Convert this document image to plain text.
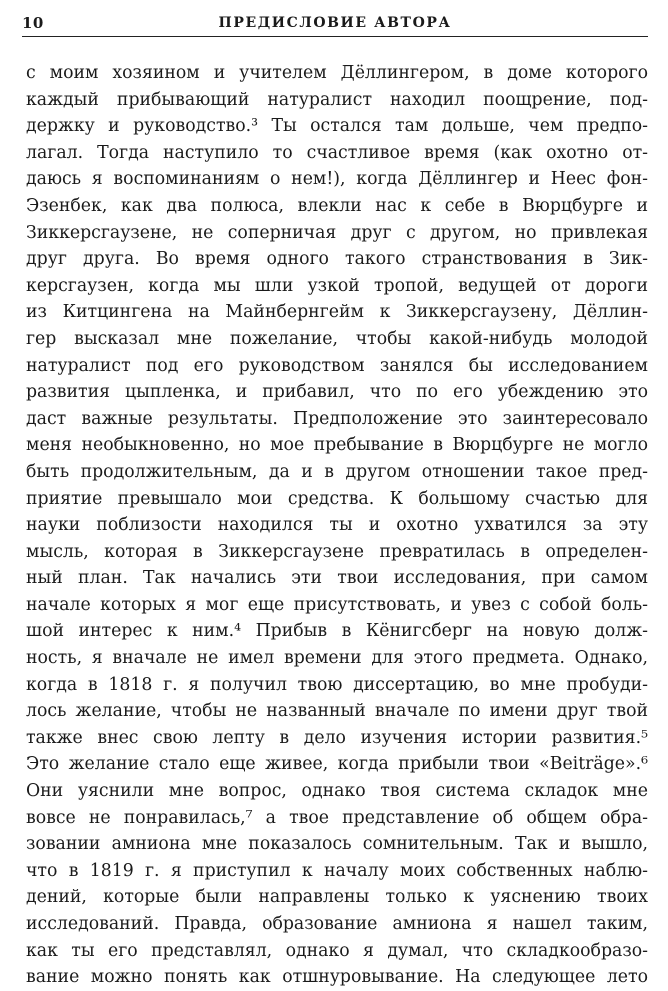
10	ПРЕДИСЛОВИЕ АВТОРА
с моим хозяином и учителем Дёллингером, в доме которого
каждый прибывающий натуралист находил поощрение, под-
держку и руководство.³ Ты остался там дольше, чем предпо-
лагал. Тогда наступило то счастливое время (как охотно от-
даюсь я воспоминаниям о нем!), когда Дёллингер и Неес фон-
Эзенбек, как два полюса, влекли нас к себе в Вюрцбурге и
Зиккерсгаузене, не соперничая друг с другом, но привлекая
друг друга. Во время одного такого странствования в Зик-
керсгаузен, когда мы шли узкой тропой, ведущей от дороги
из Китцингена на Майнбернгейм к Зиккерсгаузену, Дёллин-
гер высказал мне пожелание, чтобы какой-нибудь молодой
натуралист под его руководством занялся бы исследованием
развития цыпленка, и прибавил, что по его убеждению это
даст важные результаты. Предположение это заинтересовало
меня необыкновенно, но мое пребывание в Вюрцбурге не могло
быть продолжительным, да и в другом отношении такое пред-
приятие превышало мои средства. К большому счастью для
науки поблизости находился ты и охотно ухватился за эту
мысль, которая в Зиккерсгаузене превратилась в определен-
ный план. Так начались эти твои исследования, при самом
начале которых я мог еще присутствовать, и увез с собой боль-
шой интерес к ним.⁴ Прибыв в Кёнигсберг на новую долж-
ность, я вначале не имел времени для этого предмета. Однако,
когда в 1818 г. я получил твою диссертацию, во мне пробуди-
лось желание, чтобы не названный вначале по имени друг твой
также внес свою лепту в дело изучения истории развития.⁵
Это желание стало еще живее, когда прибыли твои «Beiträge».⁶
Они уяснили мне вопрос, однако твоя система складок мне
вовсе не понравилась,⁷ а твое представление об общем обра-
зовании амниона мне показалось сомнительным. Так и вышло,
что в 1819 г. я приступил к началу моих собственных наблю-
дений, которые были направлены только к уяснению твоих
исследований. Правда, образование амниона я нашел таким,
как ты его представлял, однако я думал, что складкообразо-
вание можно понять как отшнуровывание. На следующее лето
